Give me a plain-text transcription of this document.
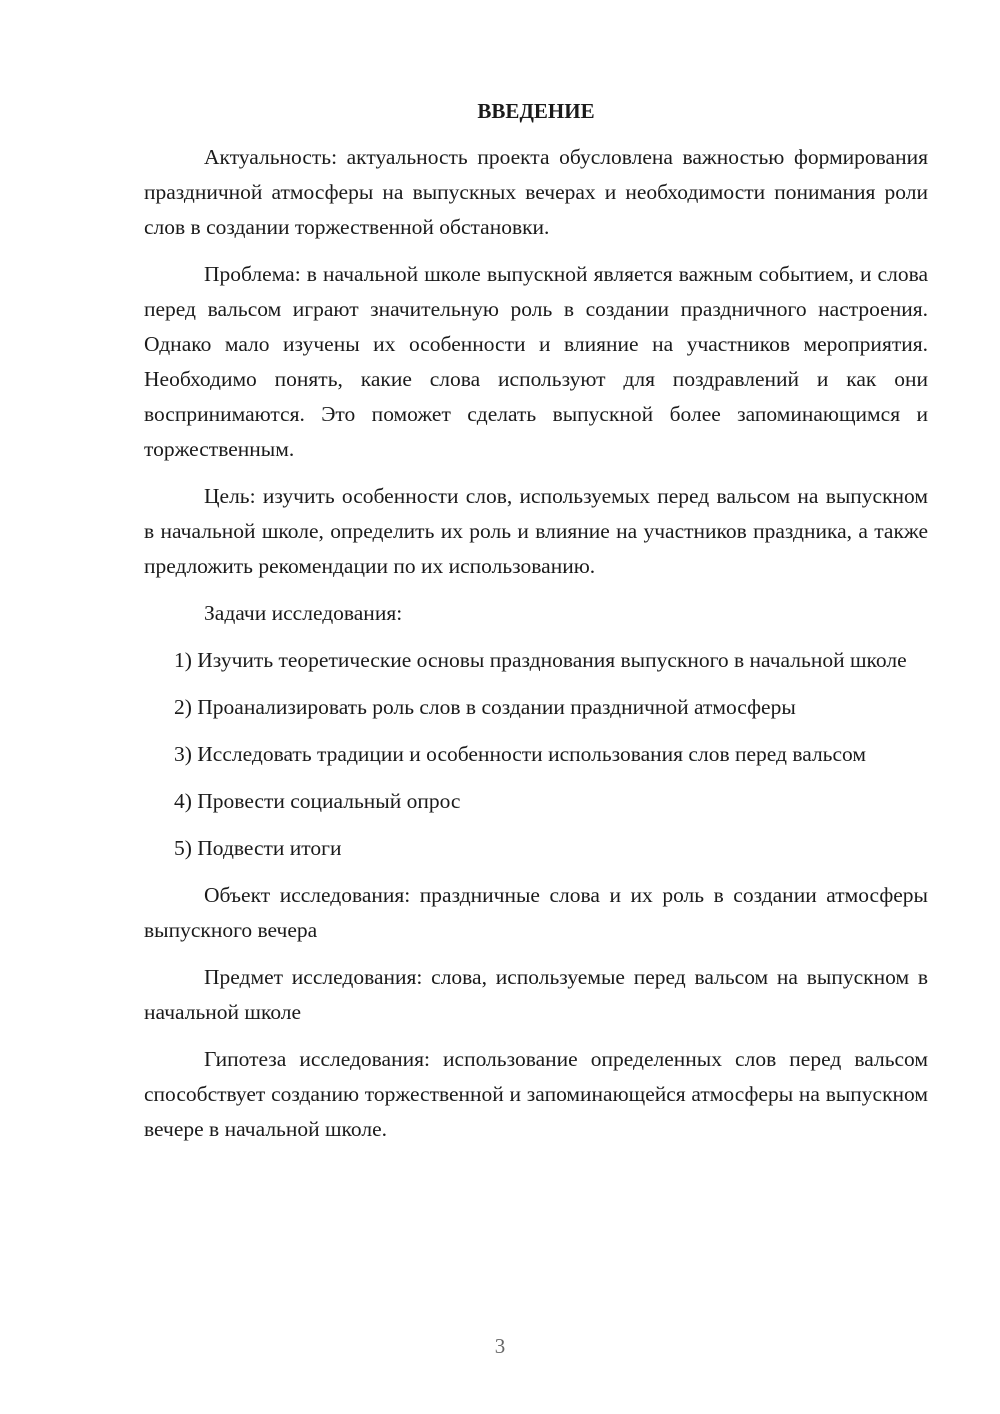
ВВЕДЕНИЕ

Актуальность: актуальность проекта обусловлена важностью формирования праздничной атмосферы на выпускных вечерах и необходимости понимания роли слов в создании торжественной обстановки.

Проблема: в начальной школе выпускной является важным событием, и слова перед вальсом играют значительную роль в создании праздничного настроения. Однако мало изучены их особенности и влияние на участников мероприятия. Необходимо понять, какие слова используют для поздравлений и как они воспринимаются. Это поможет сделать выпускной более запоминающимся и торжественным.

Цель: изучить особенности слов, используемых перед вальсом на выпускном в начальной школе, определить их роль и влияние на участников праздника, а также предложить рекомендации по их использованию.

Задачи исследования:

1) Изучить теоретические основы празднования выпускного в начальной школе

2) Проанализировать роль слов в создании праздничной атмосферы

3) Исследовать традиции и особенности использования слов перед вальсом

4) Провести социальный опрос

5) Подвести итоги

Объект исследования: праздничные слова и их роль в создании атмосферы выпускного вечера

Предмет исследования: слова, используемые перед вальсом на выпускном в начальной школе

Гипотеза исследования: использование определенных слов перед вальсом способствует созданию торжественной и запоминающейся атмосферы на выпускном вечере в начальной школе.

3
